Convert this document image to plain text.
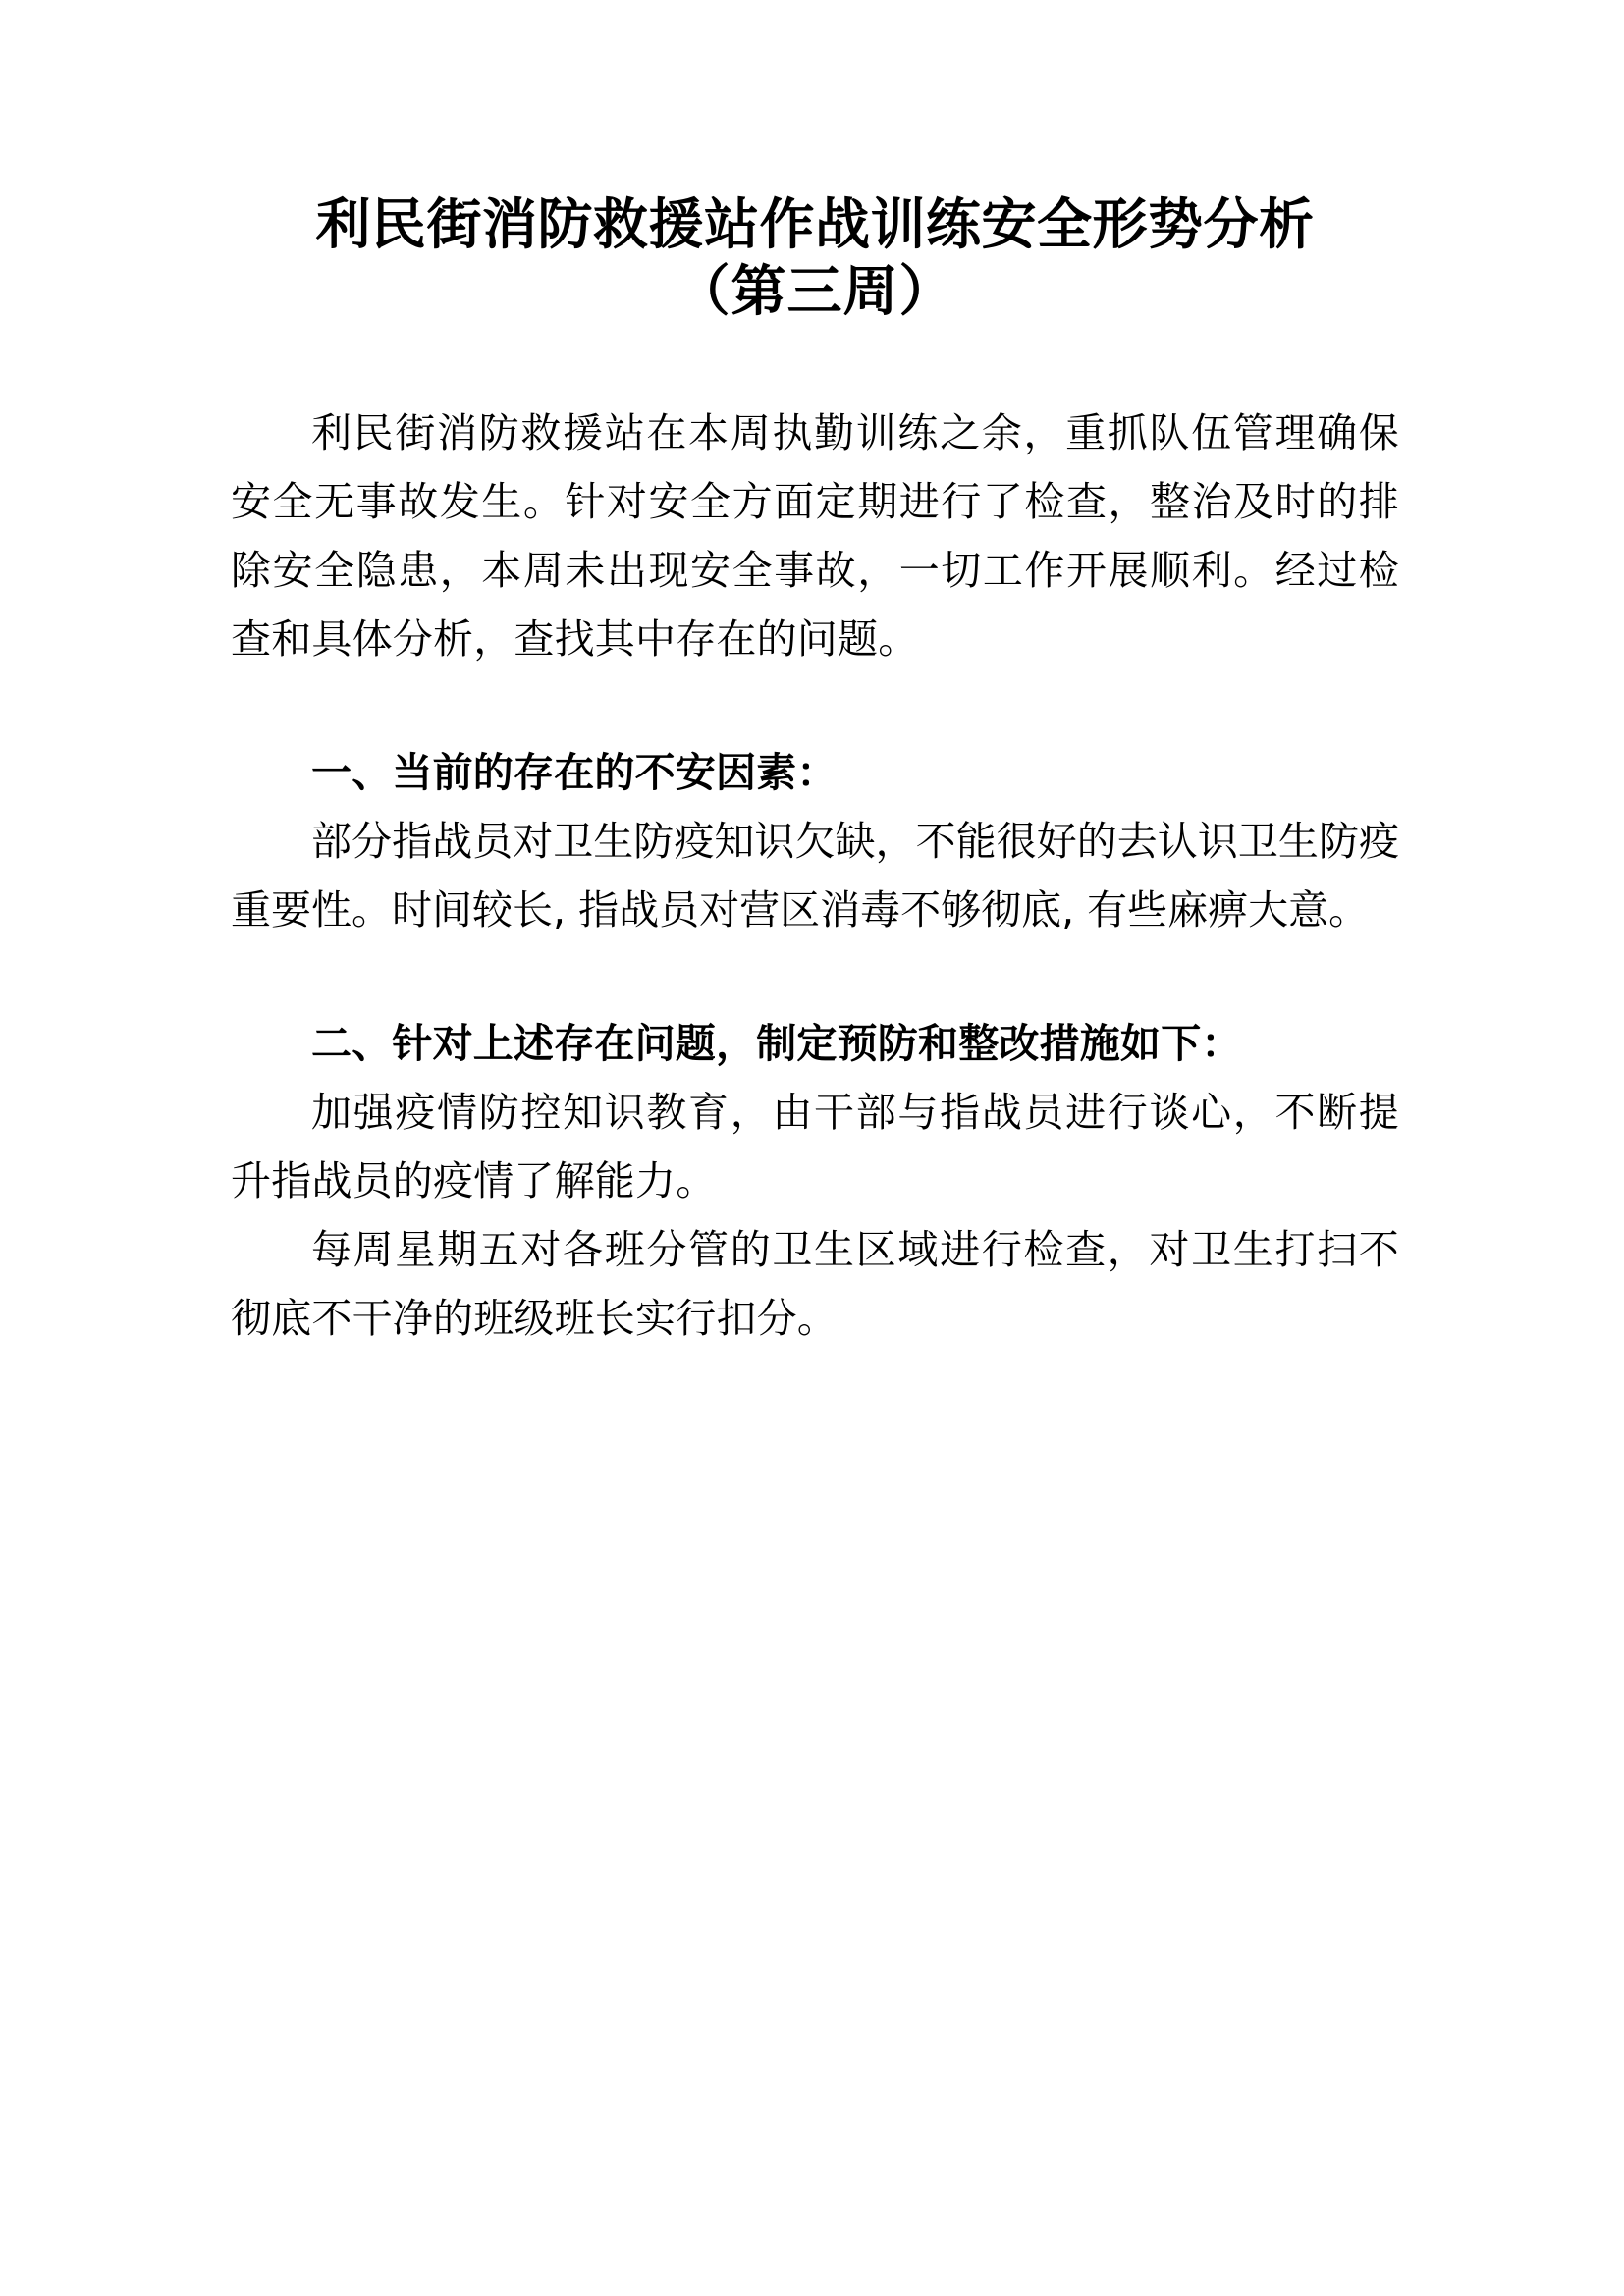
利民街消防救援站作战训练安全形势分析
（第三周）

利民街消防救援站在本周执勤训练之余，重抓队伍管理确保安全无事故发生。针对安全方面定期进行了检查，整治及时的排除安全隐患，本周未出现安全事故，一切工作开展顺利。经过检查和具体分析，查找其中存在的问题。

一、当前的存在的不安因素：

部分指战员对卫生防疫知识欠缺，不能很好的去认识卫生防疫重要性。时间较长, 指战员对营区消毒不够彻底, 有些麻痹大意。

二、针对上述存在问题，制定预防和整改措施如下：

加强疫情防控知识教育，由干部与指战员进行谈心，不断提升指战员的疫情了解能力。

每周星期五对各班分管的卫生区域进行检查，对卫生打扫不彻底不干净的班级班长实行扣分。
